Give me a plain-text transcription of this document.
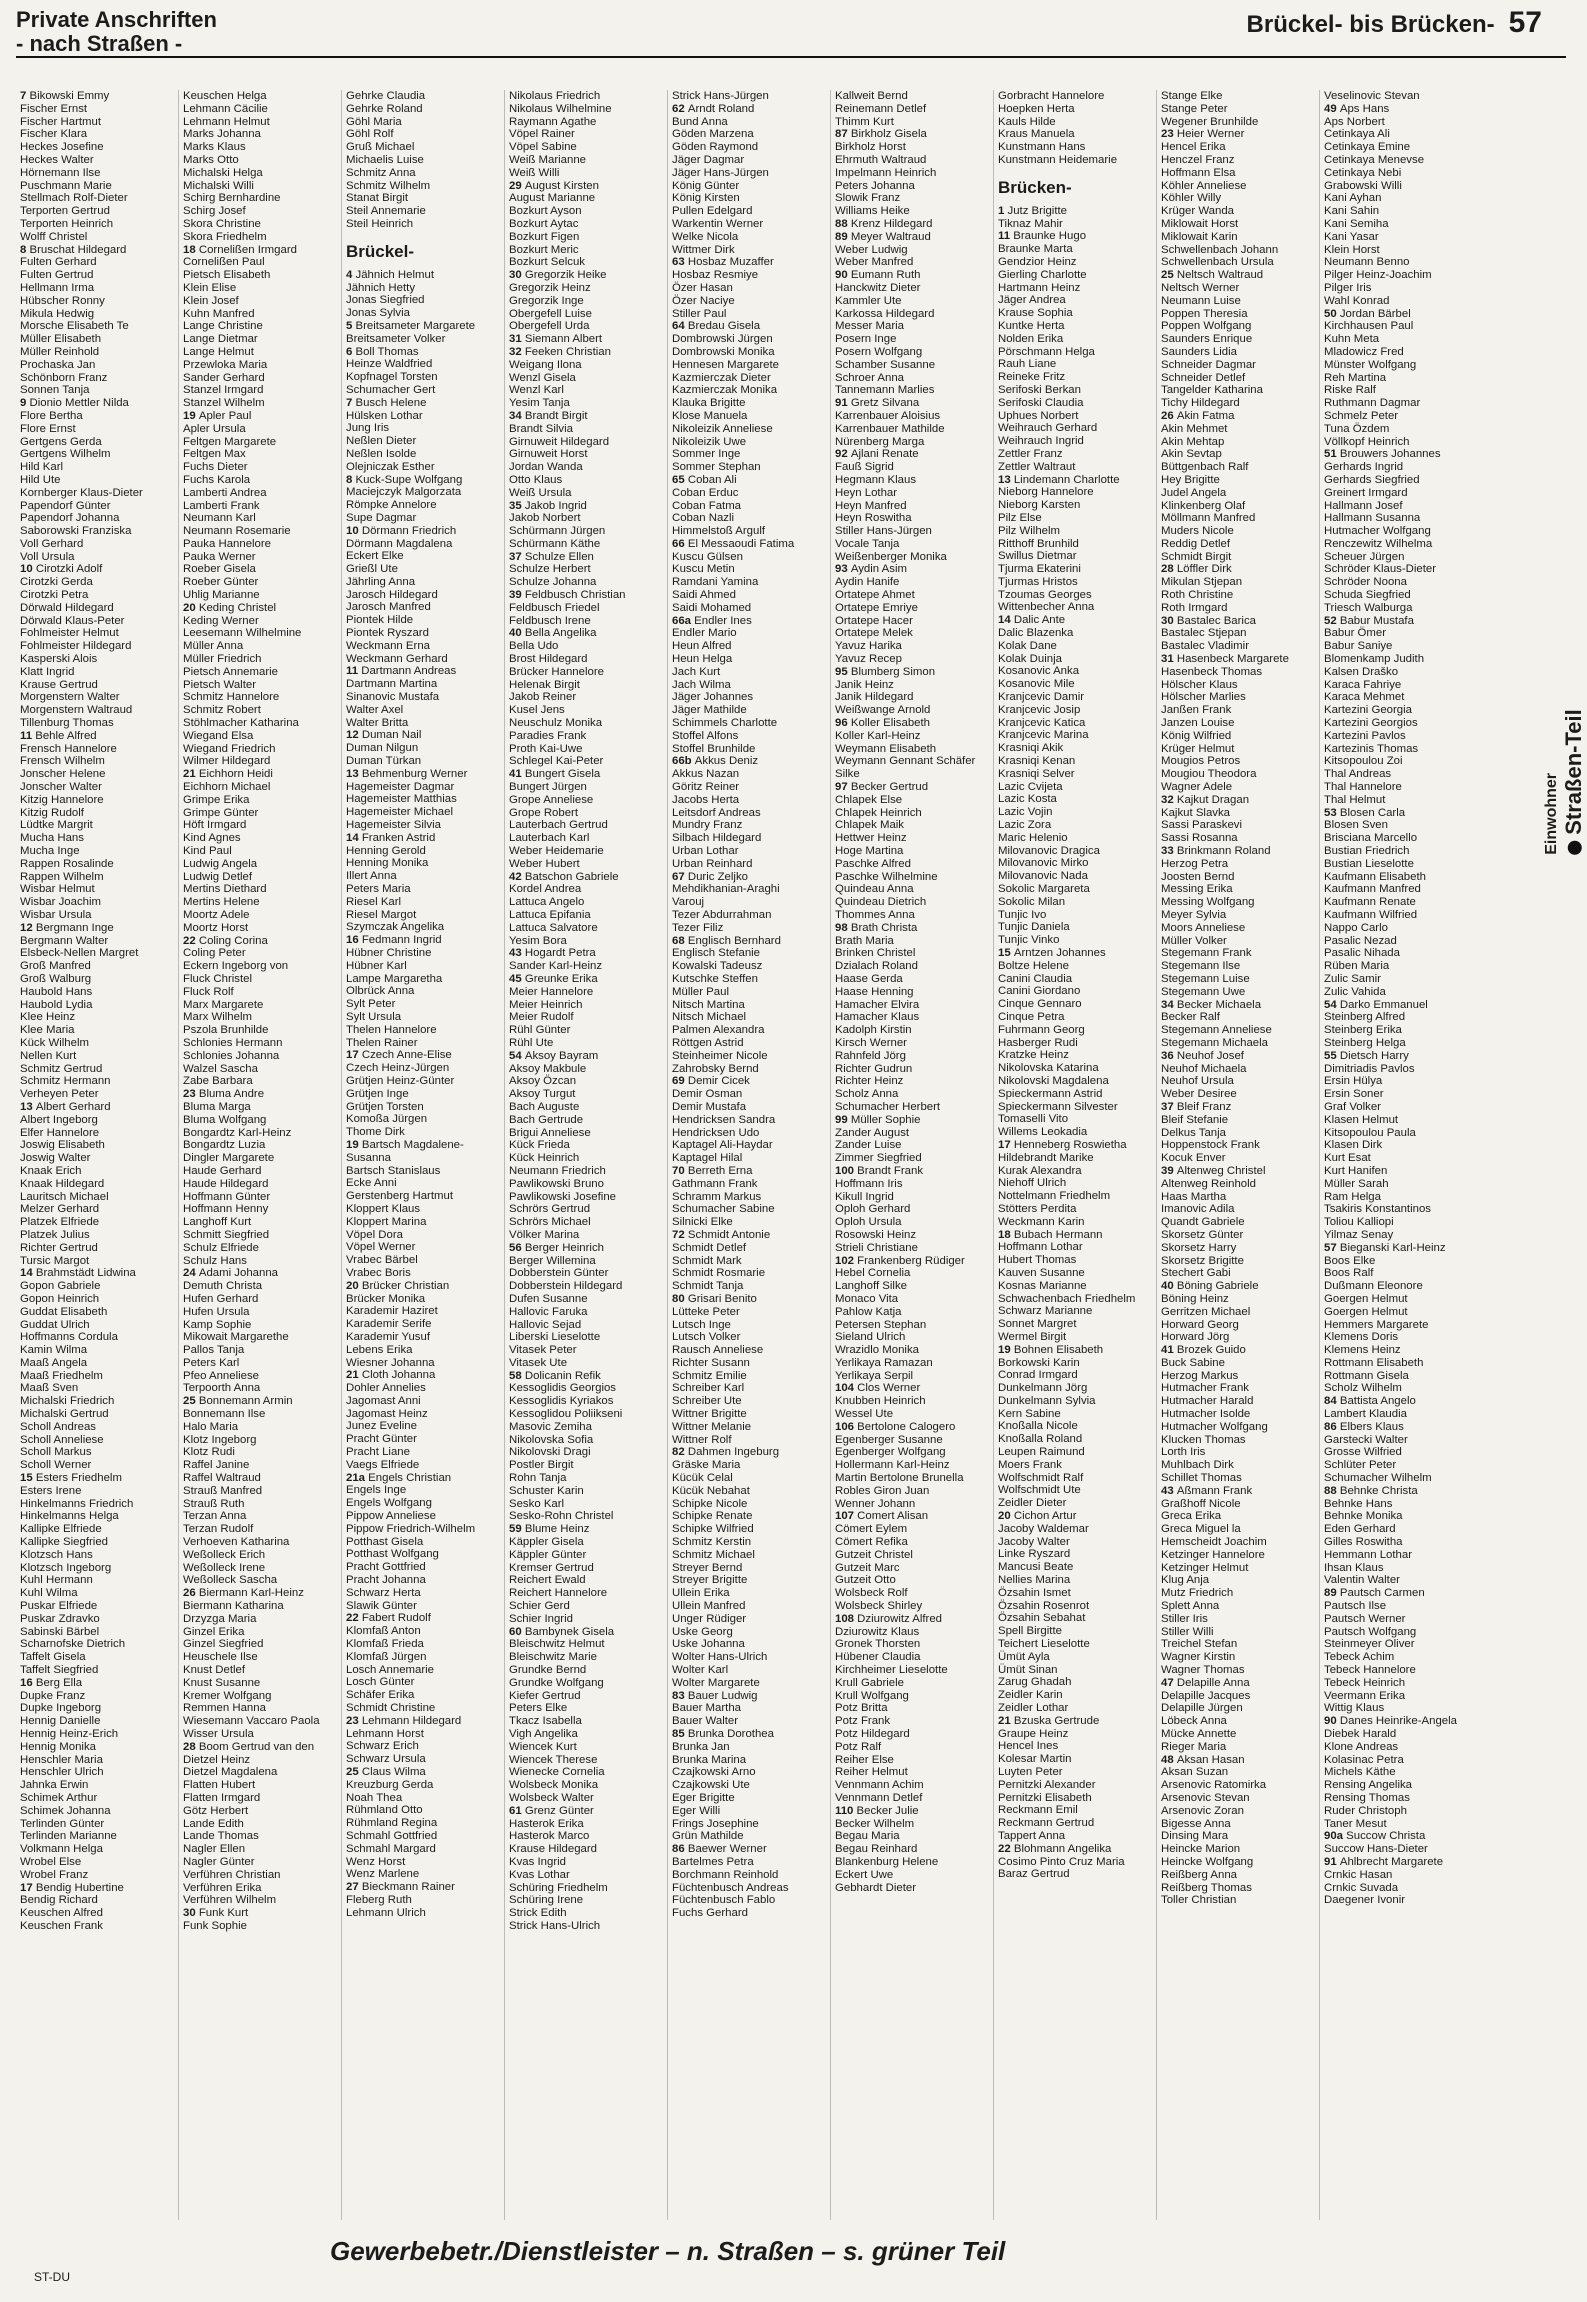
Private Anschriften
- nach Straßen -
Brückel- bis Brücken- 57
7 Bikowski Emmy
Fischer Ernst
Fischer Hartmut
Fischer Klara
Heckes Josefine
Heckes Walter
Hörnemann Ilse
Puschmann Marie
Stellmach Rolf-Dieter
Terporten Gertrud
Terporten Heinrich
Wolff Christel
8 Bruschat Hildegard
Fulten Gerhard
Fulten Gertrud
Hellmann Irma
Hübscher Ronny
Mikula Hedwig
Morsche Elisabeth Te
Müller Elisabeth
Müller Reinhold
Prochaska Jan
Schönborn Franz
Sonnen Tanja
9 Dionio Mettler Nilda
Flore Bertha
Flore Ernst
Gertgens Gerda
Gertgens Wilhelm
Hild Karl
Hild Ute
Kornberger Klaus-Dieter
Papendorf Günter
Papendorf Johanna
Saborowski Franziska
Voll Gerhard
Voll Ursula
10 Cirotzki Adolf
Cirotzki Gerda
Cirotzki Petra
Dörwald Hildegard
Dörwald Klaus-Peter
Fohlmeister Helmut
Fohlmeister Hildegard
Kasperski Alois
Klatt Ingrid
Krause Gertrud
Morgenstern Walter
Morgenstern Waltraud
Tillenburg Thomas
11 Behle Alfred
Frensch Hannelore
Frensch Wilhelm
Jonscher Helene
Jonscher Walter
Kitzig Hannelore
Kitzig Rudolf
Lüdtke Margrit
Mucha Hans
Mucha Inge
Rappen Rosalinde
Rappen Wilhelm
Wisbar Helmut
Wisbar Joachim
Wisbar Ursula
12 Bergmann Inge
Bergmann Walter
Elsbeck-Nellen Margret
Groß Manfred
Groß Walburg
Haubold Hans
Haubold Lydia
Klee Heinz
Klee Maria
Kück Wilhelm
Nellen Kurt
Schmitz Gertrud
Schmitz Hermann
Verheyen Peter
13 Albert Gerhard
Albert Ingeborg
Elfer Hannelore
Joswig Elisabeth
Joswig Walter
Knaak Erich
Knaak Hildegard
Lauritsch Michael
Melzer Gerhard
Platzek Elfriede
Platzek Julius
Richter Gertrud
Tursic Margot
14 Brahmstädt Lidwina
Gopon Gabriele
Gopon Heinrich
Guddat Elisabeth
Guddat Ulrich
Hoffmanns Cordula
Kamin Wilma
Maaß Angela
Maaß Friedhelm
Maaß Sven
Michalski Friedrich
Michalski Gertrud
Scholl Andreas
Scholl Anneliese
Scholl Markus
Scholl Werner
15 Esters Friedhelm
Esters Irene
Hinkelmanns Friedrich
Hinkelmanns Helga
Kallipke Elfriede
Kallipke Siegfried
Klotzsch Hans
Klotzsch Ingeborg
Kuhl Hermann
Kuhl Wilma
Puskar Elfriede
Puskar Zdravko
Sabinski Bärbel
Scharnofske Dietrich
Taffelt Gisela
Taffelt Siegfried
16 Berg Ella
Dupke Franz
Dupke Ingeborg
Hennig Danielle
Hennig Heinz-Erich
Hennig Monika
Henschler Maria
Henschler Ulrich
Jahnka Erwin
Schimek Arthur
Schimek Johanna
Terlinden Günter
Terlinden Marianne
Volkmann Helga
Wrobel Else
Wrobel Franz
17 Bendig Hubertine
Bendig Richard
Keuschen Alfred
Keuschen Frank
Keuschen Helga
Lehmann Cäcilie
Lehmann Helmut
Marks Johanna
Marks Klaus
Marks Otto
Michalski Helga
Michalski Willi
Schirg Bernhardine
Schirg Josef
Skora Christine
Skora Friedhelm
18 Cornelißen Irmgard
Cornelißen Paul
Pietsch Elisabeth
Klein Elise
Klein Josef
Kuhn Manfred
Lange Christine
Lange Dietmar
Lange Helmut
Przewloka Maria
Sander Gerhard
Stanzel Irmgard
Stanzel Wilhelm
19 Apler Paul
Apler Ursula
Feltgen Margarete
Feltgen Max
Fuchs Dieter
Fuchs Karola
Lamberti Andrea
Lamberti Frank
Neumann Karl
Neumann Rosemarie
Pauka Hannelore
Pauka Werner
Roeber Gisela
Roeber Günter
Uhlig Marianne
20 Keding Christel
Keding Werner
Leesemann Wilhelmine
Müller Anna
Müller Friedrich
Pietsch Annemarie
Pietsch Walter
Schmitz Hannelore
Schmitz Robert
Stöhlmacher Katharina
Wiegand Elsa
Wiegand Friedrich
Wilmer Hildegard
21 Eichhorn Heidi
Eichhorn Michael
Grimpe Erika
Grimpe Günter
Höft Irmgard
Kind Agnes
Kind Paul
Ludwig Angela
Ludwig Detlef
Mertins Diethard
Mertins Helene
Moortz Adele
Moortz Horst
22 Coling Corina
Coling Peter
Eckern Ingeborg von
Fluck Christel
Fluck Rolf
Marx Margarete
Marx Wilhelm
Pszola Brunhilde
Schlonies Hermann
Schlonies Johanna
Walzel Sascha
Zabe Barbara
23 Bluma Andre
Bluma Marga
Bluma Wolfgang
Bongardtz Karl-Heinz
Bongardtz Luzia
Dingler Margarete
Haude Gerhard
Haude Hildegard
Hoffmann Günter
Hoffmann Henny
Langhoff Kurt
Schmitt Siegfried
Schulz Elfriede
Schulz Hans
24 Adami Johanna
Demuth Christa
Hufen Gerhard
Hufen Ursula
Kamp Sophie
Mikowait Margarethe
Pallos Tanja
Peters Karl
Pfeo Anneliese
Terpoorth Anna
25 Bonnemann Armin
Bonnemann Ilse
Halo Maria
Klotz Ingeborg
Klotz Rudi
Raffel Janine
Raffel Waltraud
Strauß Manfred
Strauß Ruth
Terzan Anna
Terzan Rudolf
Verhoeven Katharina
Weßolleck Erich
Weßolleck Irene
Weßolleck Sascha
26 Biermann Karl-Heinz
Biermann Katharina
Drzyzga Maria
Ginzel Erika
Ginzel Siegfried
Heuschele Ilse
Knust Detlef
Knust Susanne
Kremer Wolfgang
Remmen Hanna
Wiesemann Vaccaro Paola
Wisser Ursula
28 Boom Gertrud van den
Dietzel Heinz
Dietzel Magdalena
Flatten Hubert
Flatten Irmgard
Götz Herbert
Lande Edith
Lande Thomas
Nagler Ellen
Nagler Günter
Verführen Christian
Verführen Erika
Verführen Wilhelm
30 Funk Kurt
Funk Sophie
Gehrke Claudia
Gehrke Roland
Göhl Maria
Göhl Rolf
Gruß Michael
Michaelis Luise
Schmitz Anna
Schmitz Wilhelm
Stanat Birgit
Steil Annemarie
Steil Heinrich
Brückel-
4 Jähnich Helmut
Jähnich Hetty
Jonas Siegfried
Jonas Sylvia
5 Breitsameter Margarete
Breitsameter Volker
6 Boll Thomas
Heinze Waldfried
Kopfnagel Torsten
Schumacher Gert
7 Busch Helene
Hülsken Lothar
Jung Iris
Neßlen Dieter
Neßlen Isolde
Olejniczak Esther
8 Kuck-Supe Wolfgang
Maciejczyk Malgorzata
Römpke Annelore
Supe Dagmar
10 Dörmann Friedrich
Dörmann Magdalena
Eckert Elke
Grießl Ute
Jährling Anna
Jarosch Hildegard
Jarosch Manfred
Piontek Hilde
Piontek Ryszard
Weckmann Erna
Weckmann Gerhard
11 Dartmann Andreas
Dartmann Martina
Sinanovic Mustafa
Walter Axel
Walter Britta
12 Duman Nail
Duman Nilgun
Duman Türkan
13 Behmenburg Werner
Hagemeister Dagmar
Hagemeister Matthias
Hagemeister Michael
Hagemeister Silvia
14 Franken Astrid
Henning Gerold
Henning Monika
Illert Anna
Peters Maria
Riesel Karl
Riesel Margot
Szymczak Angelika
16 Fedmann Ingrid
Hübner Christine
Hübner Karl
Lampe Margaretha
Olbrück Anna
Sylt Peter
Sylt Ursula
Thelen Hannelore
Thelen Rainer
17 Czech Anne-Elise
Czech Heinz-Jürgen
Grütjen Heinz-Günter
Grütjen Inge
Grütjen Torsten
Komoßa Jürgen
Thome Dirk
19 Bartsch Magdalene-
Susanna
Bartsch Stanislaus
Ecke Anni
Gerstenberg Hartmut
Kloppert Klaus
Kloppert Marina
Vöpel Dora
Vöpel Werner
Vrabec Bärbel
Vrabec Boris
20 Brücker Christian
Brücker Monika
Karademir Haziret
Karademir Serife
Karademir Yusuf
Lebens Erika
Wiesner Johanna
21 Cloth Johanna
Dohler Annelies
Jagomast Anni
Jagomast Heinz
Junez Eveline
Pracht Günter
Pracht Liane
Vaegs Elfriede
21a Engels Christian
Engels Inge
Engels Wolfgang
Pippow Anneliese
Pippow Friedrich-Wilhelm
Potthast Gisela
Potthast Wolfgang
Pracht Gottfried
Pracht Johanna
Schwarz Herta
Slawik Günter
22 Fabert Rudolf
Klomfaß Anton
Klomfaß Frieda
Klomfaß Jürgen
Losch Annemarie
Losch Günter
Schäfer Erika
Schmidt Christine
23 Lehmann Hildegard
Lehmann Horst
Schwarz Erich
Schwarz Ursula
25 Claus Wilma
Kreuzburg Gerda
Noah Thea
Rühmland Otto
Rühmland Regina
Schmahl Gottfried
Schmahl Margard
Wenz Horst
Wenz Marlene
27 Bieckmann Rainer
Fleberg Ruth
Lehmann Ulrich
Nikolaus Friedrich
Nikolaus Wilhelmine
Raymann Agathe
Vöpel Rainer
Vöpel Sabine
Weiß Marianne
Weiß Willi
29 August Kirsten
August Marianne
Bozkurt Ayson
Bozkurt Aytac
Bozkurt Figen
Bozkurt Meric
Bozkurt Selcuk
30 Gregorzik Heike
Gregorzik Heinz
Gregorzik Inge
Obergefell Luise
Obergefell Urda
31 Siemann Albert
32 Feeken Christian
Weigang Ilona
Wenzl Gisela
Wenzl Karl
Yesim Tanja
34 Brandt Birgit
Brandt Silvia
Girnuweit Hildegard
Girnuweit Horst
Jordan Wanda
Otto Klaus
Weiß Ursula
35 Jakob Ingrid
Jakob Norbert
Schürmann Jürgen
Schürmann Käthe
37 Schulze Ellen
Schulze Herbert
Schulze Johanna
39 Feldbusch Christian
Feldbusch Friedel
Feldbusch Irene
40 Bella Angelika
Bella Udo
Brost Hildegard
Brücker Hannelore
Helenak Birgit
Jakob Reiner
Kusel Jens
Neuschulz Monika
Paradies Frank
Proth Kai-Uwe
Schlegel Kai-Peter
41 Bungert Gisela
Bungert Jürgen
Grope Anneliese
Grope Robert
Lauterbach Gertrud
Lauterbach Karl
Weber Heidemarie
Weber Hubert
42 Batschon Gabriele
Kordel Andrea
Lattuca Angelo
Lattuca Epifania
Lattuca Salvatore
Yesim Bora
43 Hogardt Petra
Sander Karl-Heinz
45 Greunke Erika
Meier Hannelore
Meier Heinrich
Meier Rudolf
Rühl Günter
Rühl Ute
54 Aksoy Bayram
Aksoy Makbule
Aksoy Özcan
Aksoy Turgut
Bach Auguste
Bach Gertrude
Brigui Anneliese
Kück Frieda
Kück Heinrich
Neumann Friedrich
Pawlikowski Bruno
Pawlikowski Josefine
Schrörs Gertrud
Schrörs Michael
Völker Marina
56 Berger Heinrich
Berger Willemina
Dobberstein Günter
Dobberstein Hildegard
Dufen Susanne
Hallovic Faruka
Hallovic Sejad
Liberski Lieselotte
Vitasek Peter
Vitasek Ute
58 Dolicanin Refik
Kessoglidis Georgios
Kessoglidis Kyriakos
Kessoglidou Poliikseni
Masovic Zemiha
Nikolovska Sofia
Nikolovski Dragi
Postler Birgit
Rohn Tanja
Schuster Karin
Sesko Karl
Sesko-Rohn Christel
59 Blume Heinz
Käppler Gisela
Käppler Günter
Kremser Gertrud
Reichert Ewald
Reichert Hannelore
Schier Gerd
Schier Ingrid
60 Bambynek Gisela
Bleischwitz Helmut
Bleischwitz Marie
Grundke Bernd
Grundke Wolfgang
Kiefer Gertrud
Peters Elke
Tkacz Isabella
Vigh Angelika
Wiencek Kurt
Wiencek Therese
Wienecke Cornelia
Wolsbeck Monika
Wolsbeck Walter
61 Grenz Günter
Hasterok Erika
Hasterok Marco
Krause Hildegard
Kvas Ingrid
Kvas Lothar
Schüring Friedhelm
Schüring Irene
Strick Edith
Strick Hans-Ulrich
Strick Hans-Jürgen
62 Arndt Roland
Bund Anna
Göden Marzena
Göden Raymond
Jäger Dagmar
Jäger Hans-Jürgen
König Günter
König Kirsten
Pullen Edelgard
Warkentin Werner
Welke Nicola
Wittmer Dirk
63 Hosbaz Muzaffer
Hosbaz Resmiye
Özer Hasan
Özer Naciye
Stiller Paul
64 Bredau Gisela
Dombrowski Jürgen
Dombrowski Monika
Hennesen Margarete
Kazmierczak Dieter
Kazmierczak Monika
Klauka Brigitte
Klose Manuela
Nikoleizik Anneliese
Nikoleizik Uwe
Sommer Inge
Sommer Stephan
65 Coban Ali
Coban Erduc
Coban Fatma
Coban Nazli
Himmelstoß Argulf
66 El Messaoudi Fatima
Kuscu Gülsen
Kuscu Metin
Ramdani Yamina
Saidi Ahmed
Saidi Mohamed
66a Endler Ines
Endler Mario
Heun Alfred
Heun Helga
Jach Kurt
Jach Wilma
Jäger Johannes
Jäger Mathilde
Schimmels Charlotte
Stoffel Alfons
Stoffel Brunhilde
66b Akkus Deniz
Akkus Nazan
Göritz Reiner
Jacobs Herta
Leitsdorf Andreas
Mundry Franz
Silbach Hildegard
Urban Lothar
Urban Reinhard
67 Duric Zeljko
Mehdikhanian-Araghi
Varouj
Tezer Abdurrahman
Tezer Filiz
68 Englisch Bernhard
Englisch Stefanie
Kowalski Tadeusz
Kutschke Steffen
Müller Paul
Nitsch Martina
Nitsch Michael
Palmen Alexandra
Röttgen Astrid
Steinheimer Nicole
Zahrobsky Bernd
69 Demir Cicek
Demir Osman
Demir Mustafa
Hendricksen Sandra
Hendricksen Udo
Kaptagel Ali-Haydar
Kaptagel Hilal
70 Berreth Erna
Gathmann Frank
Schramm Markus
Schumacher Sabine
Silnicki Elke
72 Schmidt Antonie
Schmidt Detlef
Schmidt Mark
Schmidt Rosmarie
Schmidt Tanja
80 Grisari Benito
Lütteke Peter
Lutsch Inge
Lutsch Volker
Rausch Anneliese
Richter Susann
Schmitz Emilie
Schreiber Karl
Schreiber Ute
Wittner Brigitte
Wittner Melanie
Wittner Rolf
82 Dahmen Ingeburg
Gräske Maria
Kücük Celal
Kücük Nebahat
Schipke Nicole
Schipke Renate
Schipke Wilfried
Schmitz Kerstin
Schmitz Michael
Streyer Bernd
Streyer Brigitte
Ullein Erika
Ullein Manfred
Unger Rüdiger
Uske Georg
Uske Johanna
Wolter Hans-Ulrich
Wolter Karl
Wolter Margarete
83 Bauer Ludwig
Bauer Martha
Bauer Walter
85 Brunka Dorothea
Brunka Jan
Brunka Marina
Czajkowski Arno
Czajkowski Ute
Eger Brigitte
Eger Willi
Frings Josephine
Grün Mathilde
86 Baewer Werner
Bartelmes Petra
Borchmann Reinhold
Füchtenbusch Andreas
Füchtenbusch Fablo
Fuchs Gerhard
Kallweit Bernd
Reinemann Detlef
Thimm Kurt
87 Birkholz Gisela
Birkholz Horst
Ehrmuth Waltraud
Impelmann Heinrich
Peters Johanna
Slowik Franz
Williams Heike
88 Krenz Hildegard
89 Meyer Waltraud
Weber Ludwig
Weber Manfred
90 Eumann Ruth
Hanckwitz Dieter
Kammler Ute
Karkossa Hildegard
Messer Maria
Posern Inge
Posern Wolfgang
Schamber Susanne
Schroer Anna
Tannemann Marlies
91 Gretz Silvana
Karrenbauer Aloisius
Karrenbauer Mathilde
Nürenberg Marga
92 Ajlani Renate
Fauß Sigrid
Hegmann Klaus
Heyn Lothar
Heyn Manfred
Heyn Roswitha
Stiller Hans-Jürgen
Vocale Tanja
Weißenberger Monika
93 Aydin Asim
Aydin Hanife
Ortatepe Ahmet
Ortatepe Emriye
Ortatepe Hacer
Ortatepe Melek
Yavuz Harika
Yavuz Recep
95 Blumberg Simon
Janik Heinz
Janik Hildegard
Weißwange Arnold
96 Koller Elisabeth
Koller Karl-Heinz
Weymann Elisabeth
Weymann Gennant Schäfer
Silke
97 Becker Gertrud
Chlapek Else
Chlapek Heinrich
Chlapek Maik
Hettwer Heinz
Hoge Martina
Paschke Alfred
Paschke Wilhelmine
Quindeau Anna
Quindeau Dietrich
Thommes Anna
98 Brath Christa
Brath Maria
Brinken Christel
Dzialach Roland
Haase Gerda
Haase Henning
Hamacher Elvira
Hamacher Klaus
Kadolph Kirstin
Kirsch Werner
Rahnfeld Jörg
Richter Gudrun
Richter Heinz
Scholz Anna
Schumacher Herbert
99 Müller Sophie
Zander August
Zander Luise
Zimmer Siegfried
100 Brandt Frank
Hoffmann Iris
Kikull Ingrid
Oploh Gerhard
Oploh Ursula
Rosowski Heinz
Strieli Christiane
102 Frankenberg Rüdiger
Hebel Cornelia
Langhoff Silke
Monaco Vita
Pahlow Katja
Petersen Stephan
Sieland Ulrich
Wrazidlo Monika
Yerlikaya Ramazan
Yerlikaya Serpil
104 Clos Werner
Knubben Heinrich
Wessel Ute
106 Bertolone Calogero
Egenberger Susanne
Egenberger Wolfgang
Hollermann Karl-Heinz
Martin Bertolone Brunella
Robles Giron Juan
Wenner Johann
107 Comert Alisan
Cömert Eylem
Cömert Refika
Gutzeit Christel
Gutzeit Marc
Gutzeit Otto
Wolsbeck Rolf
Wolsbeck Shirley
108 Dziurowitz Alfred
Dziurowitz Klaus
Gronek Thorsten
Hübener Claudia
Kirchheimer Lieselotte
Krull Gabriele
Krull Wolfgang
Potz Britta
Potz Frank
Potz Hildegard
Potz Ralf
Reiher Else
Reiher Helmut
Vennmann Achim
Vennmann Detlef
110 Becker Julie
Becker Wilhelm
Begau Maria
Begau Reinhard
Blankenburg Helene
Eckert Uwe
Gebhardt Dieter
Gorbracht Hannelore
Hoepken Herta
Kauls Hilde
Kraus Manuela
Kunstmann Hans
Kunstmann Heidemarie
Brücken-
1 Jutz Brigitte
Tiknaz Mahir
11 Braunke Hugo
Braunke Marta
Gendzior Heinz
Gierling Charlotte
Hartmann Heinz
Jäger Andrea
Krause Sophia
Kuntke Herta
Nolden Erika
Pörschmann Helga
Rauh Liane
Reineke Fritz
Serifoski Berkan
Serifoski Claudia
Uphues Norbert
Weihrauch Gerhard
Weihrauch Ingrid
Zettler Franz
Zettler Waltraut
13 Lindemann Charlotte
Nieborg Hannelore
Nieborg Karsten
Pilz Else
Pilz Wilhelm
Ritthoff Brunhild
Swillus Dietmar
Tjurma Ekaterini
Tjurmas Hristos
Tzoumas Georges
Wittenbecher Anna
14 Dalic Ante
Dalic Blazenka
Kolak Dane
Kolak Duinja
Kosanovic Anka
Kosanovic Mile
Kranjcevic Damir
Kranjcevic Josip
Kranjcevic Katica
Kranjcevic Marina
Krasniqi Akik
Krasniqi Kenan
Krasniqi Selver
Lazic Cvijeta
Lazic Kosta
Lazic Vojin
Lazic Zora
Maric Helenio
Milovanovic Dragica
Milovanovic Mirko
Milovanovic Nada
Sokolic Margareta
Sokolic Milan
Tunjic Ivo
Tunjic Daniela
Tunjic Vinko
15 Arntzen Johannes
Boltze Helene
Canini Claudia
Canini Giordano
Cinque Gennaro
Cinque Petra
Fuhrmann Georg
Hasberger Rudi
Kratzke Heinz
Nikolovska Katarina
Nikolovski Magdalena
Spieckermann Astrid
Spieckermann Silvester
Tomaselli Vito
Willems Leokadia
17 Henneberg Roswietha
Hildebrandt Marike
Kurak Alexandra
Niehoff Ulrich
Nottelmann Friedhelm
Stötters Perdita
Weckmann Karin
18 Bubach Hermann
Hoffmann Lothar
Hubert Thomas
Kauven Susanne
Kosnas Marianne
Schwachenbach Friedhelm
Schwarz Marianne
Sonnet Margret
Wermel Birgit
19 Bohnen Elisabeth
Borkowski Karin
Conrad Irmgard
Dunkelmann Jörg
Dunkelmann Sylvia
Kern Sabine
Knoßalla Nicole
Knoßalla Roland
Leupen Raimund
Moers Frank
Wolfschmidt Ralf
Wolfschmidt Ute
Zeidler Dieter
20 Cichon Artur
Jacoby Waldemar
Jacoby Walter
Linke Ryszard
Mancusi Beate
Nellies Marina
Özsahin Ismet
Özsahin Rosenrot
Özsahin Sebahat
Spell Birgitte
Teichert Lieselotte
Ümüt Ayla
Ümüt Sinan
Zarug Ghadah
Zeidler Karin
Zeidler Lothar
21 Bzuska Gertrude
Graupe Heinz
Hencel Ines
Kolesar Martin
Luyten Peter
Pernitzki Alexander
Pernitzki Elisabeth
Reckmann Emil
Reckmann Gertrud
Tappert Anna
22 Blohmann Angelika
Cosimo Pinto Cruz Maria
Baraz Gertrud
Stange Elke
Stange Peter
Wegener Brunhilde
23 Heier Werner
Hencel Erika
Henczel Franz
Hoffmann Elsa
Köhler Anneliese
Köhler Willy
Krüger Wanda
Miklowait Horst
Miklowait Karin
Schwellenbach Johann
Schwellenbach Ursula
25 Neltsch Waltraud
Neltsch Werner
Neumann Luise
Poppen Theresia
Poppen Wolfgang
Saunders Enrique
Saunders Lidia
Schneider Dagmar
Schneider Detlef
Tangelder Katharina
Tichy Hildegard
26 Akin Fatma
Akin Mehmet
Akin Mehtap
Akin Sevtap
Büttgenbach Ralf
Hey Brigitte
Judel Angela
Klinkenberg Olaf
Möllmann Manfred
Muders Nicole
Reddig Detlef
Schmidt Birgit
28 Löffler Dirk
Mikulan Stjepan
Roth Christine
Roth Irmgard
30 Bastalec Barica
Bastalec Stjepan
Bastalec Vladimir
31 Hasenbeck Margarete
Hasenbeck Thomas
Hölscher Klaus
Hölscher Marlies
Janßen Frank
Janzen Louise
König Wilfried
Krüger Helmut
Mougios Petros
Mougiou Theodora
Wagner Adele
32 Kajkut Dragan
Kajkut Slavka
Sassi Paraskevi
Sassi Rosanna
33 Brinkmann Roland
Herzog Petra
Joosten Bernd
Messing Erika
Messing Wolfgang
Meyer Sylvia
Moors Anneliese
Müller Volker
Stegemann Frank
Stegemann Ilse
Stegemann Luise
Stegemann Uwe
34 Becker Michaela
Becker Ralf
Stegemann Anneliese
Stegemann Michaela
36 Neuhof Josef
Neuhof Michaela
Neuhof Ursula
Weber Desiree
37 Bleif Franz
Bleif Stefanie
Delkus Tanja
Hoppenstock Frank
Kocuk Enver
39 Altenweg Christel
Altenweg Reinhold
Haas Martha
Imanovic Adila
Quandt Gabriele
Skorsetz Günter
Skorsetz Harry
Skorsetz Brigitte
Stechert Gabi
40 Böning Gabriele
Böning Heinz
Gerritzen Michael
Horward Georg
Horward Jörg
41 Brozek Guido
Buck Sabine
Herzog Markus
Hutmacher Frank
Hutmacher Harald
Hutmacher Isolde
Hutmacher Wolfgang
Klucken Thomas
Lorth Iris
Muhlbach Dirk
Schillet Thomas
43 Aßmann Frank
Graßhoff Nicole
Greca Erika
Greca Miguel la
Hemscheidt Joachim
Ketzinger Hannelore
Ketzinger Helmut
Klug Anja
Mutz Friedrich
Splett Anna
Stiller Iris
Stiller Willi
Treichel Stefan
Wagner Kirstin
Wagner Thomas
47 Delapille Anna
Delapille Jacques
Delapille Jürgen
Löbeck Anna
Mücke Annette
Rieger Maria
48 Aksan Hasan
Aksan Suzan
Arsenovic Ratomirka
Arsenovic Stevan
Arsenovic Zoran
Bigesse Anna
Dinsing Mara
Heincke Marion
Heincke Wolfgang
Reißberg Anna
Reißberg Thomas
Toller Christian
Veselinovic Stevan
49 Aps Hans
Aps Norbert
Cetinkaya Ali
Cetinkaya Emine
Cetinkaya Menevse
Cetinkaya Nebi
Grabowski Willi
Kani Ayhan
Kani Sahin
Kani Semiha
Kani Yasar
Klein Horst
Neumann Benno
Pilger Heinz-Joachim
Pilger Iris
Wahl Konrad
50 Jordan Bärbel
Kirchhausen Paul
Kuhn Meta
Mladowicz Fred
Münster Wolfgang
Reh Martina
Riske Ralf
Ruthmann Dagmar
Schmelz Peter
Tuna Özdem
Völlkopf Heinrich
51 Brouwers Johannes
Gerhards Ingrid
Gerhards Siegfried
Greinert Irmgard
Hallmann Josef
Hallmann Susanna
Hutmacher Wolfgang
Renczewitz Wilhelma
Scheuer Jürgen
Schröder Klaus-Dieter
Schröder Noona
Schuda Siegfried
Triesch Walburga
52 Babur Mustafa
Babur Ömer
Babur Saniye
Blomenkamp Judith
Kalsen Draško
Karaca Fahriye
Karaca Mehmet
Kartezini Georgia
Kartezini Georgios
Kartezini Pavlos
Kartezinis Thomas
Kitsopoulou Zoi
Thal Andreas
Thal Hannelore
Thal Helmut
53 Blosen Carla
Blosen Sven
Brisciana Marcello
Bustian Friedrich
Bustian Lieselotte
Kaufmann Elisabeth
Kaufmann Manfred
Kaufmann Renate
Kaufmann Wilfried
Nappo Carlo
Pasalic Nezad
Pasalic Nihada
Rüben Maria
Zulic Samir
Zulic Vahida
54 Darko Emmanuel
Steinberg Alfred
Steinberg Erika
Steinberg Helga
55 Dietsch Harry
Dimitriadis Pavlos
Ersin Hülya
Ersin Soner
Graf Volker
Klasen Helmut
Kitsopoulou Paula
Klasen Dirk
Kurt Esat
Kurt Hanifen
Müller Sarah
Ram Helga
Tsakiris Konstantinos
Toliou Kalliopi
Yilmaz Senay
57 Bieganski Karl-Heinz
Boos Elke
Boos Ralf
Dußmann Eleonore
Goergen Helmut
Goergen Helmut
Hemmers Margarete
Klemens Doris
Klemens Heinz
Rottmann Elisabeth
Rottmann Gisela
Scholz Wilhelm
84 Battista Angelo
Lambert Klaudia
86 Elbers Klaus
Garstecki Walter
Grosse Wilfried
Schlüter Peter
Schumacher Wilhelm
88 Behnke Christa
Behnke Hans
Behnke Monika
Eden Gerhard
Gilles Roswitha
Hemmann Lothar
Ihsan Klaus
Valentin Walter
89 Pautsch Carmen
Pautsch Ilse
Pautsch Werner
Pautsch Wolfgang
Steinmeyer Oliver
Tebeck Achim
Tebeck Hannelore
Tebeck Heinrich
Veermann Erika
Wittig Klaus
90 Danes Heinrike-Angela
Diebek Harald
Klone Andreas
Kolasinac Petra
Michels Käthe
Rensing Angelika
Rensing Thomas
Ruder Christoph
Taner Mesut
90a Succow Christa
Succow Hans-Dieter
91 Ahlbrecht Margarete
Crnkic Hasan
Crnkic Suvada
Daegener Ivonir
Einwohner Straßen-Teil
Gewerbebetr./Dienstleister – n. Straßen – s. grüner Teil
ST-DU
